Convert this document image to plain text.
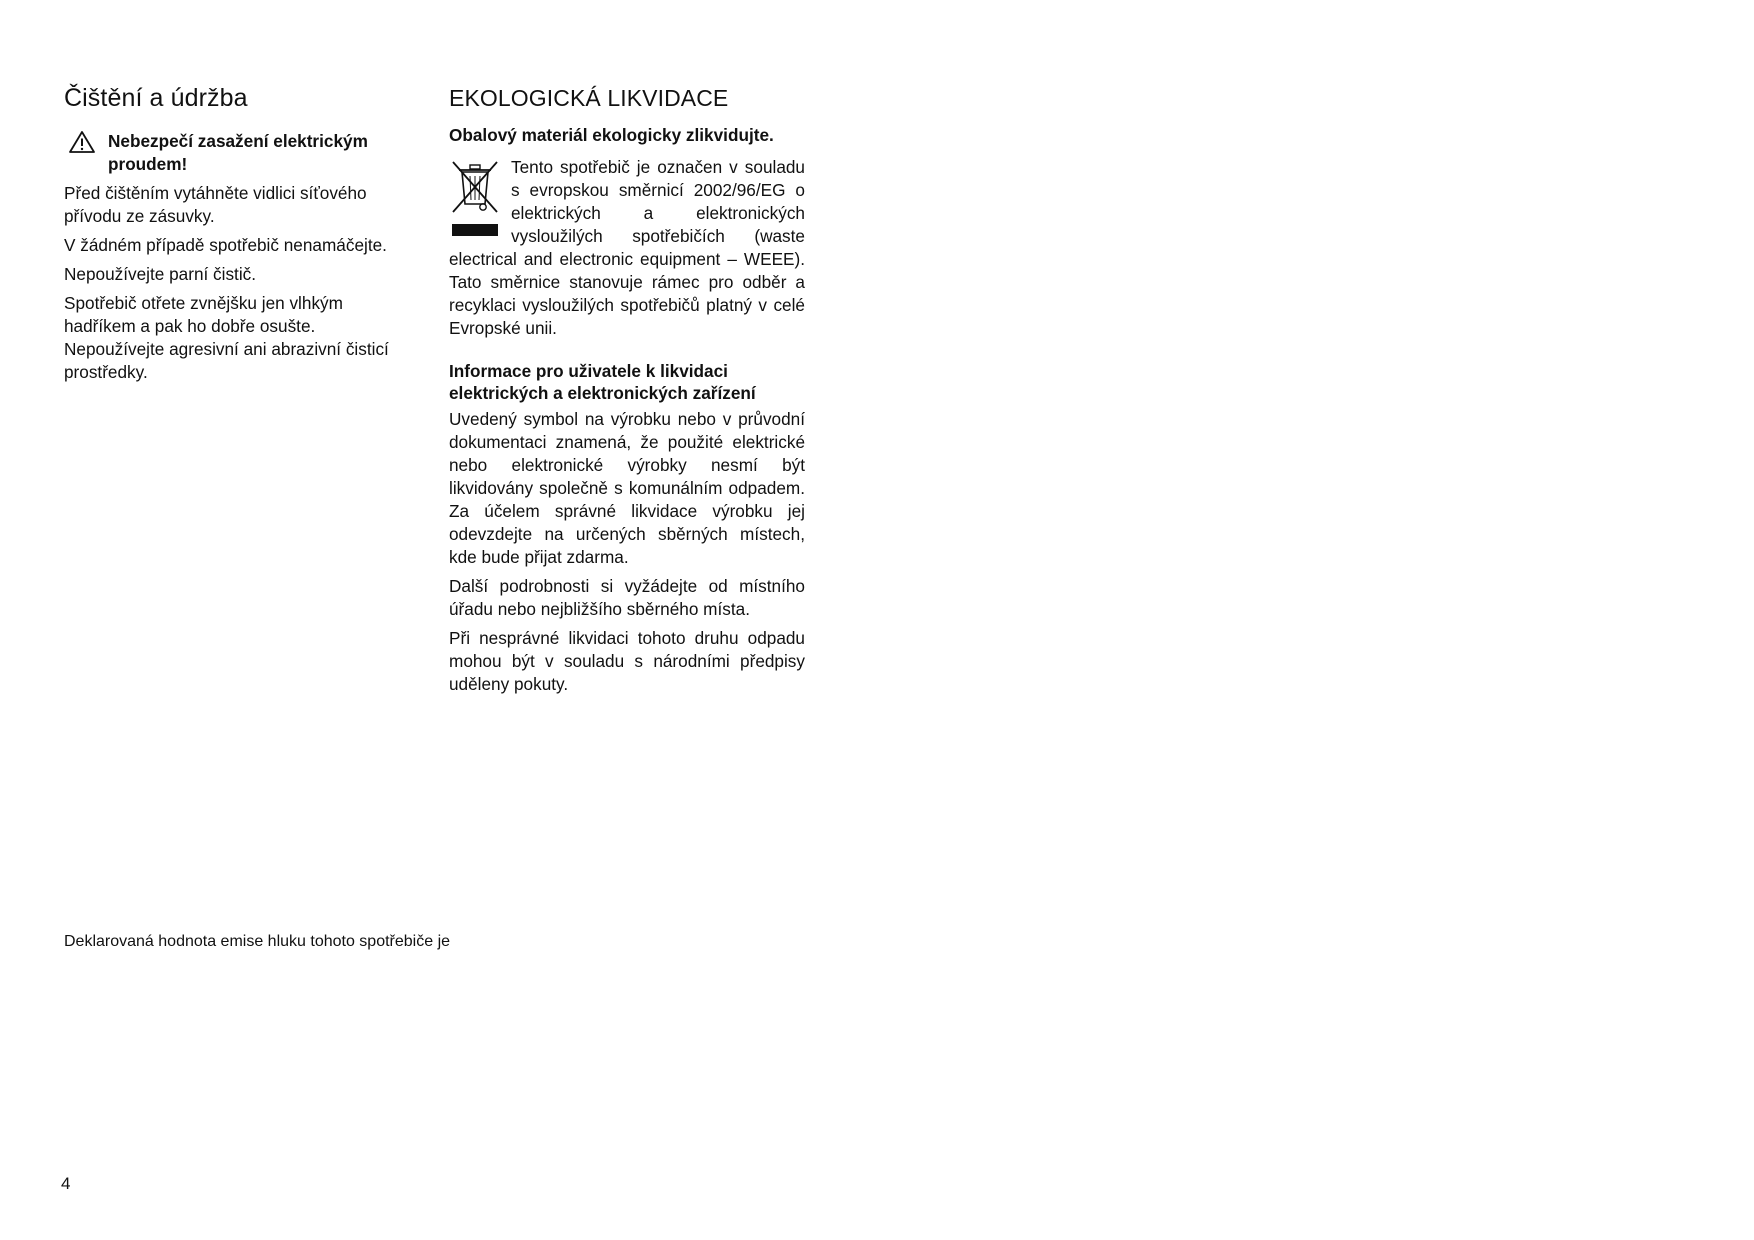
Čištění a údržba
Nebezpečí zasažení elektrickým proudem!

Před čištěním vytáhněte vidlici síťového přívodu ze zásuvky.

V žádném případě spotřebič nenamáčejte.

Nepoužívejte parní čistič.

Spotřebič otřete zvnějšku jen vlhkým hadříkem a pak ho dobře osušte. Nepoužívejte agresivní ani abrazivní čisticí prostředky.

EKOLOGICKÁ LIKVIDACE
Obalový materiál ekologicky zlikvidujte.

Tento spotřebič je označen v souladu s evropskou směrnicí 2002/96/EG o elektrických a elektronických vysloužilých spotřebičích (waste electrical and electronic equipment – WEEE). Tato směrnice stanovuje rámec pro odběr a recyklaci vysloužilých spotřebičů platný v celé Evropské unii.

Informace pro uživatele k likvidaci elektrických a elektronických zařízení

Uvedený symbol na výrobku nebo v průvodní dokumentaci znamená, že použité elektrické nebo elektronické výrobky nesmí být likvidovány společně s komunálním odpadem. Za účelem správné likvidace výrobku jej odevzdejte na určených sběrných místech, kde bude přijat zdarma.

Další podrobnosti si vyžádejte od místního úřadu nebo nejbližšího sběrného místa.

Při nesprávné likvidaci tohoto druhu odpadu mohou být v souladu s národními předpisy uděleny pokuty.

Deklarovaná hodnota emise hluku tohoto spotřebiče je

4
